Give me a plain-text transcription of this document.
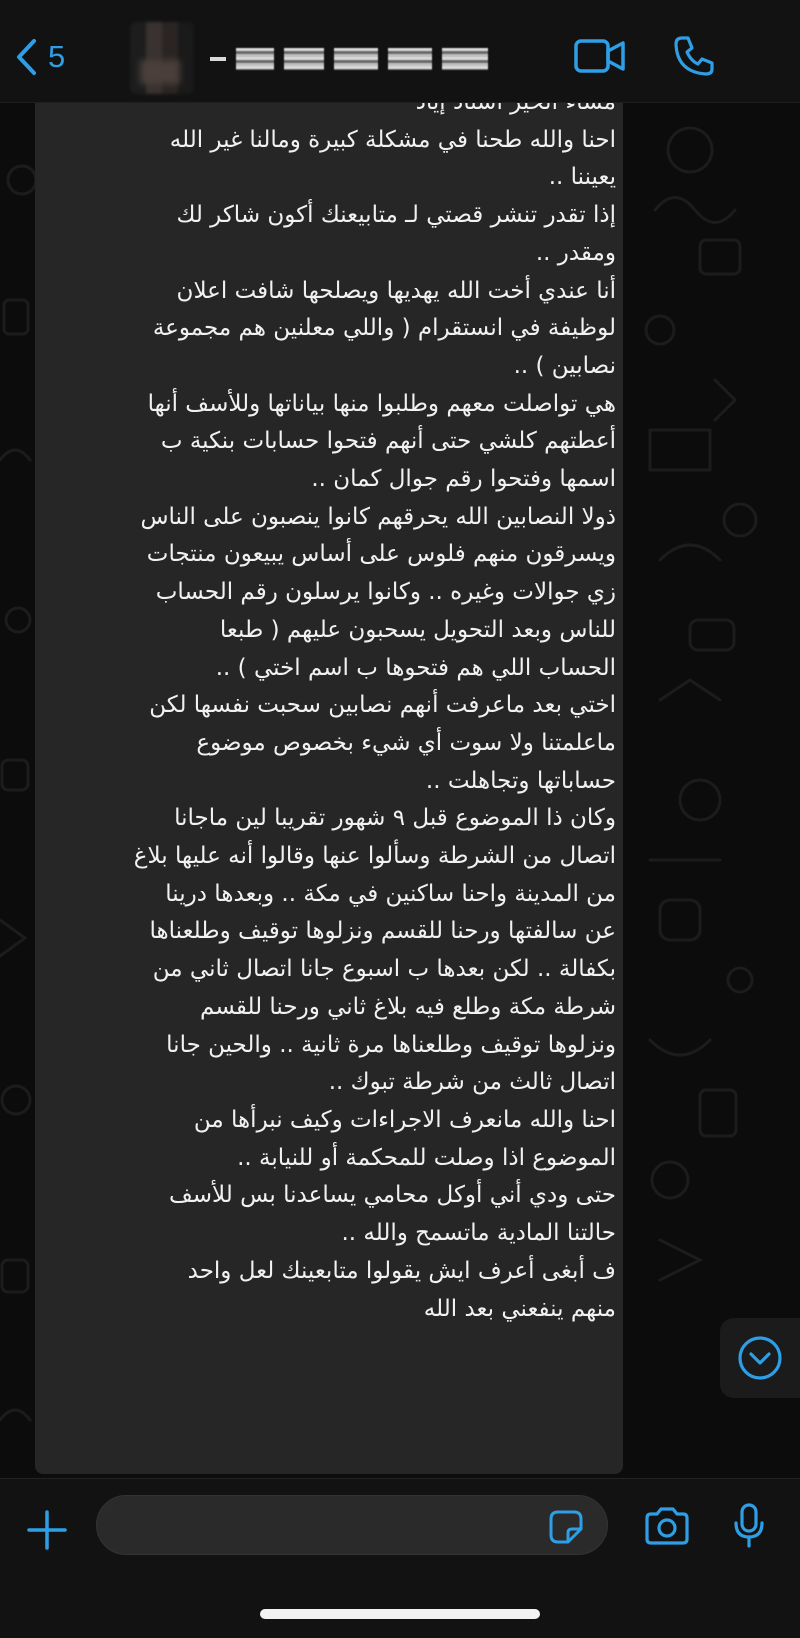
5
احنا والله طحنا في مشكلة كبيرة ومالنا غير الله
يعيننا ..
إذا تقدر تنشر قصتي لـ متابيعنك أكون شاكر لك
ومقدر ..
أنا عندي أخت الله يهديها ويصلحها شافت اعلان
لوظيفة في انستقرام ( واللي معلنين هم مجموعة
نصابين ) ..
هي تواصلت معهم وطلبوا منها بياناتها وللأسف أنها
أعطتهم كلشي حتى أنهم فتحوا حسابات بنكية ب
اسمها وفتحوا رقم جوال كمان ..
ذولا النصابين الله يحرقهم كانوا ينصبون على الناس
ويسرقون منهم فلوس على أساس يبيعون منتجات
زي جوالات وغيره .. وكانوا يرسلون رقم الحساب
للناس وبعد التحويل يسحبون عليهم ( طبعا
الحساب اللي هم فتحوها ب اسم اختي ) ..
اختي بعد ماعرفت أنهم نصابين سحبت نفسها لكن
ماعلمتنا ولا سوت أي شيء بخصوص موضوع
حساباتها وتجاهلت ..
وكان ذا الموضوع قبل ٩ شهور تقريبا لين ماجانا
اتصال من الشرطة وسألوا عنها وقالوا أنه عليها بلاغ
من المدينة واحنا ساكنين في مكة .. وبعدها درينا
عن سالفتها ورحنا للقسم ونزلوها توقيف وطلعناها
بكفالة .. لكن بعدها ب اسبوع جانا اتصال ثاني من
شرطة مكة وطلع فيه بلاغ ثاني ورحنا للقسم
ونزلوها توقيف وطلعناها مرة ثانية .. والحين جانا
اتصال ثالث من شرطة تبوك ..
احنا والله مانعرف الاجراءات وكيف نبرأها من
الموضوع اذا وصلت للمحكمة أو للنيابة ..
حتى ودي أني أوكل محامي يساعدنا بس للأسف
حالتنا المادية ماتسمح والله ..
ف أبغى أعرف ايش يقولوا متابعينك لعل واحد
منهم ينفعني بعد الله
